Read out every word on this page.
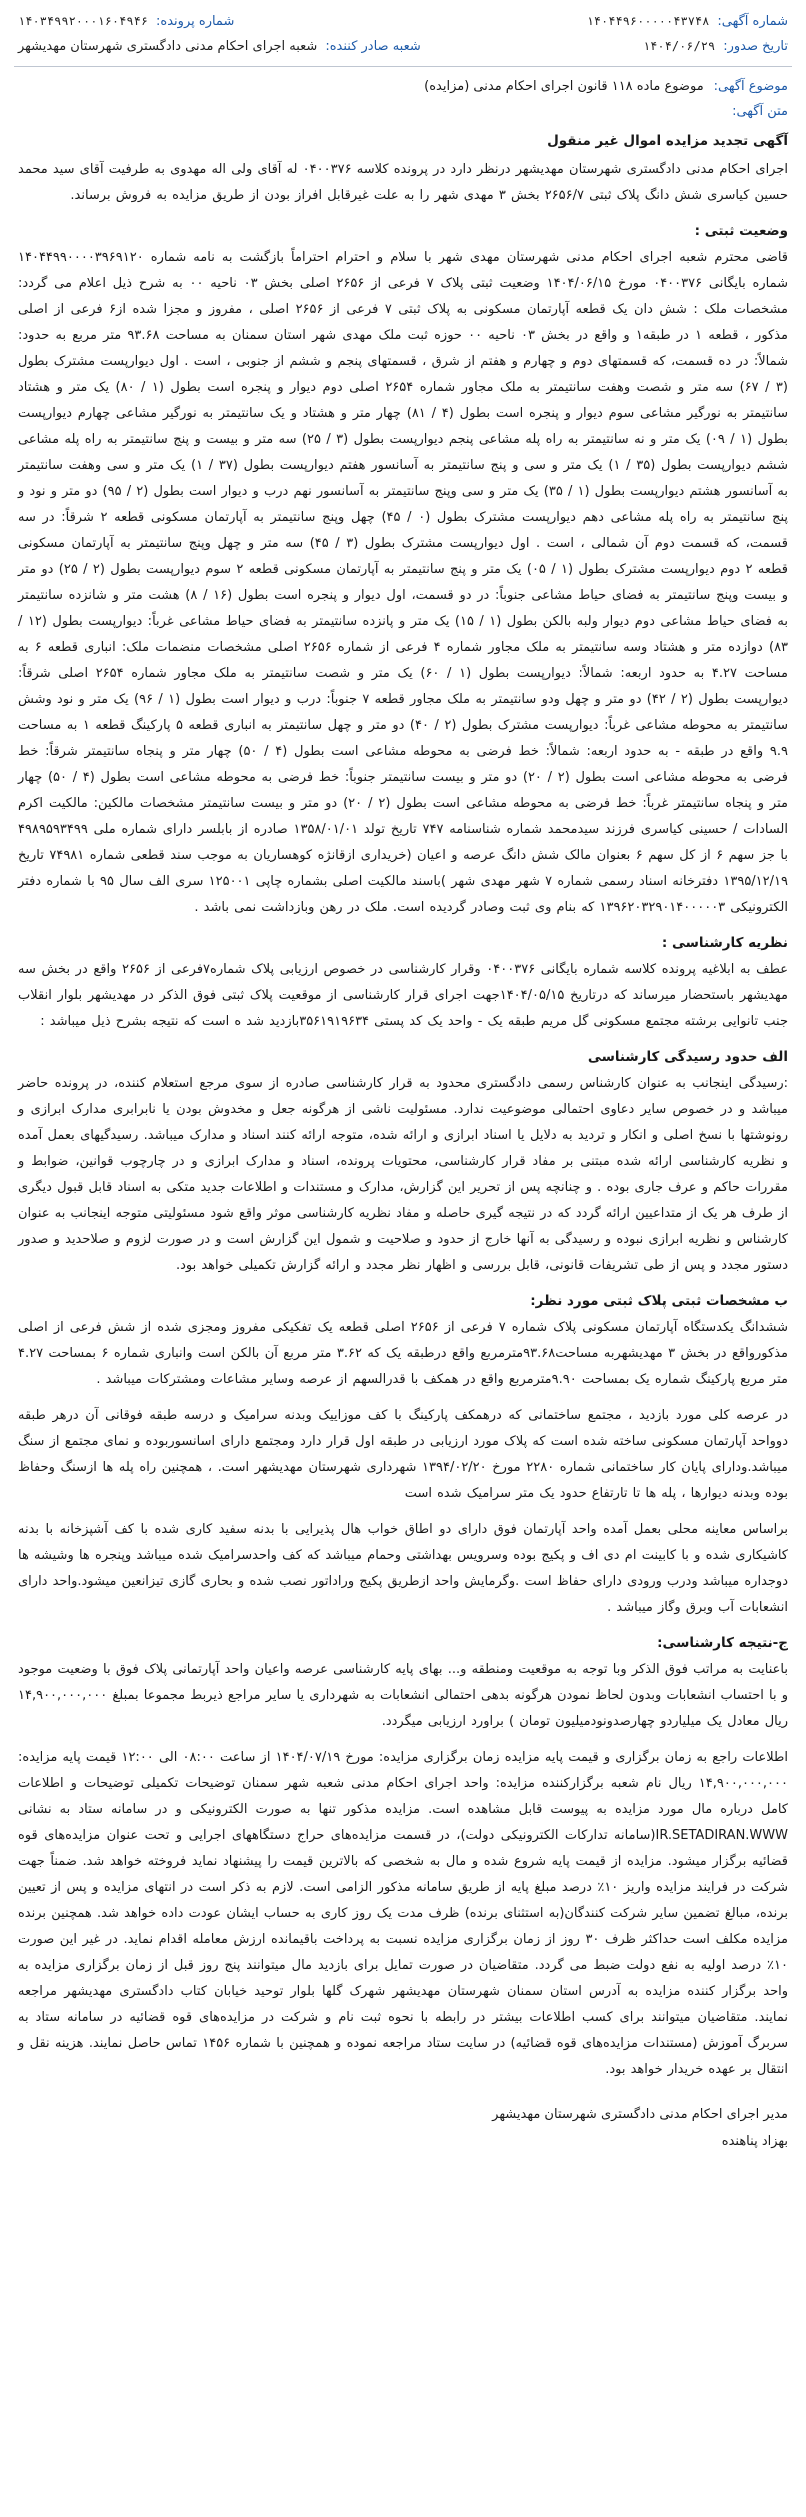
شماره آگهی:
۱۴۰۴۴۹۶۰۰۰۰۰۴۳۷۴۸
شماره پرونده:
۱۴۰۳۴۹۹۲۰۰۰۱۶۰۴۹۴۶
تاریخ صدور:
۱۴۰۴/۰۶/۲۹
شعبه صادر کننده:
شعبه اجرای احکام مدنی دادگستری شهرستان مهدیشهر
موضوع آگهی:
موضوع ماده ۱۱۸ قانون اجرای احکام مدنی (مزایده)
متن آگهی:
آگهی تجدید مزایده اموال غیر منقول

اجرای احکام مدنی دادگستری شهرستان مهدیشهر درنظر دارد در پرونده کلاسه ۰۴۰۰۳۷۶ له آقای ولی اله مهدوی به طرفیت آقای سید محمد حسین کیاسری شش دانگ پلاک ثبتی ۲۶۵۶/۷ بخش ۳ مهدی شهر را به علت غیرقابل افراز بودن از طریق مزایده به فروش برساند.

وضعیت ثبتی :

قاضی محترم شعبه اجرای احکام مدنی شهرستان مهدی شهر با سلام و احترام احتراماً بازگشت به نامه شماره ۱۴۰۴۴۹۹۰۰۰۰۳۹۶۹۱۲۰ شماره بایگانی ۰۴۰۰۳۷۶ مورخ ۱۴۰۴/۰۶/۱۵ وضعیت ثبتی پلاک ۷ فرعی از ۲۶۵۶ اصلی بخش ۰۳ ناحیه ۰۰ به شرح ذیل اعلام می گردد: مشخصات ملک : شش دان یک قطعه آپارتمان مسکونی به پلاک ثبتی ۷ فرعی از ۲۶۵۶ اصلی ، مفروز و مجزا شده از۶ فرعی از اصلی مذکور ، قطعه ۱ در طبقه۱ و واقع در بخش ۰۳ ناحیه ۰۰ حوزه ثبت ملک مهدی شهر استان سمنان به مساحت ۹۳.۶۸ متر مربع به حدود: شمالاً: در ده قسمت، که قسمتهای دوم و چهارم و هفتم از شرق ، قسمتهای پنجم و ششم از جنوبی ، است . اول دیوارپست مشترک بطول (۳ / ۶۷) سه متر و شصت وهفت سانتیمتر به ملک مجاور شماره ۲۶۵۴ اصلی دوم دیوار و پنجره است بطول (۱ / ۸۰) یک متر و هشتاد سانتیمتر به نورگیر مشاعی سوم دیوار و پنجره است بطول (۴ / ۸۱) چهار متر و هشتاد و یک سانتیمتر به نورگیر مشاعی چهارم دیوارپست بطول (۱ / ۰۹) یک متر و نه سانتیمتر به راه پله مشاعی پنجم دیوارپست بطول (۳ / ۲۵) سه متر و بیست و پنج سانتیمتر به راه پله مشاعی ششم دیوارپست بطول (۳۵ / ۱) یک متر و سی و پنج سانتیمتر به آسانسور هفتم دیوارپست بطول (۳۷ / ۱) یک متر و سی وهفت سانتیمتر به آسانسور هشتم دیوارپست بطول (۱ / ۳۵) یک متر و سی وپنج سانتیمتر به آسانسور نهم درب و دیوار است بطول (۲ / ۹۵) دو متر و نود و پنج سانتیمتر به راه پله مشاعی دهم دیوارپست مشترک بطول (۰ / ۴۵) چهل وپنج سانتیمتر به آپارتمان مسکونی قطعه ۲ شرقاً: در سه قسمت، که قسمت دوم آن شمالی ، است . اول دیوارپست مشترک بطول (۳ / ۴۵) سه متر و چهل وپنج سانتیمتر به آپارتمان مسکونی قطعه ۲ دوم دیوارپست مشترک بطول (۱ / ۰۵) یک متر و پنج سانتیمتر به آپارتمان مسکونی قطعه ۲ سوم دیوارپست بطول (۲ / ۲۵) دو متر و بیست وپنج سانتیمتر به فضای حیاط مشاعی جنوباً: در دو قسمت، اول دیوار و پنجره است بطول (۱۶ / ۸) هشت متر و شانزده سانتیمتر به فضای حیاط مشاعی دوم دیوار ولبه بالکن بطول (۱ / ۱۵) یک متر و پانزده سانتیمتر به فضای حیاط مشاعی غرباً: دیوارپست بطول (۱۲ / ۸۳) دوازده متر و هشتاد وسه سانتیمتر به ملک مجاور شماره ۴ فرعی از شماره ۲۶۵۶ اصلی مشخصات منضمات ملک: انباری قطعه ۶ به مساحت ۴.۲۷ به حدود اربعه: شمالاً: دیوارپست بطول (۱ / ۶۰) یک متر و شصت سانتیمتر به ملک مجاور شماره ۲۶۵۴ اصلی شرقاً: دیوارپست بطول (۲ / ۴۲) دو متر و چهل ودو سانتیمتر به ملک مجاور قطعه ۷ جنوباً: درب و دیوار است بطول (۱ / ۹۶) یک متر و نود وشش سانتیمتر به محوطه مشاعی غرباً: دیوارپست مشترک بطول (۲ / ۴۰) دو متر و چهل سانتیمتر به انباری قطعه ۵ پارکینگ قطعه ۱ به مساحت ۹.۹ واقع در طبقه - به حدود اربعه: شمالاً: خط فرضی به محوطه مشاعی است بطول (۴ / ۵۰) چهار متر و پنجاه سانتیمتر شرقاً: خط فرضی به محوطه مشاعی است بطول (۲ / ۲۰) دو متر و بیست سانتیمتر جنوباً: خط فرضی به محوطه مشاعی است بطول (۴ / ۵۰) چهار متر و پنجاه سانتیمتر غرباً: خط فرضی به محوطه مشاعی است بطول (۲ / ۲۰) دو متر و بیست سانتیمتر مشخصات مالکین: مالکیت اکرم السادات / حسینی کیاسری فرزند سیدمحمد شماره شناسنامه ۷۴۷ تاریخ تولد ۱۳۵۸/۰۱/۰۱ صادره از بابلسر دارای شماره ملی ۴۹۸۹۵۹۳۴۹۹ با جز سهم ۶ از کل سهم ۶ بعنوان مالک شش دانگ عرصه و اعیان (خریداری ازقانژه کوهساریان به موجب سند قطعی شماره ۷۴۹۸۱ تاریخ ۱۳۹۵/۱۲/۱۹ دفترخانه اسناد رسمی شماره ۷ شهر مهدی شهر )باسند مالکیت اصلی بشماره چاپی ۱۲۵۰۰۱ سری الف سال ۹۵ با شماره دفتر الکترونیکی ۱۳۹۶۲۰۳۲۹۰۱۴۰۰۰۰۰۳ که بنام وی ثبت وصادر گردیده است. ملک در رهن وبازداشت نمی باشد .

نظریه کارشناسی :

عطف به ابلاغیه پرونده کلاسه شماره بایگانی ۰۴۰۰۳۷۶ وقرار کارشناسی در خصوص ارزیابی پلاک شماره۷فرعی از ۲۶۵۶ واقع در بخش سه مهدیشهر باستحضار میرساند که درتاریخ ۱۴۰۴/۰۵/۱۵جهت اجرای قرار کارشناسی از موقعیت پلاک ثبتی فوق الذکر در مهدیشهر بلوار انقلاب جنب تانوایی برشته مجتمع مسکونی گل مریم طبقه یک - واحد یک کد پستی ۳۵۶۱۹۱۹۶۳۴بازدید شد ه است که نتیجه بشرح ذیل میباشد :

الف حدود رسیدگی کارشناسی

:رسیدگی اینجانب به عنوان کارشناس رسمی دادگستری محدود به قرار کارشناسی صادره از سوی مرجع استعلام کننده، در پرونده حاضر میباشد و در خصوص سایر دعاوی احتمالی موضوعیت ندارد. مسئولیت ناشی از هرگونه جعل و مخدوش بودن یا نابرابری مدارک ابرازی و رونوشتها با نسخ اصلی و انکار و تردید به دلایل یا اسناد ابرازی و ارائه شده، متوجه ارائه کنند اسناد و مدارک میباشد. رسیدگیهای بعمل آمده و نظریه کارشناسی ارائه شده مبتنی بر مفاد قرار کارشناسی، محتویات پرونده، اسناد و مدارک ابرازی و در چارچوب قوانین، ضوابط و مقررات حاکم و عرف جاری بوده . و چنانچه پس از تحریر این گزارش، مدارک و مستندات و اطلاعات جدید متکی به اسناد قابل قبول دیگری از طرف هر یک از متداعیین ارائه گردد که در نتیجه گیری حاصله و مفاد نظریه کارشناسی موثر واقع شود مسئولیتی متوجه اینجانب به عنوان کارشناس و نظریه ابرازی نبوده و رسیدگی به آنها خارج از حدود و صلاحیت و شمول این گزارش است و در صورت لزوم و صلاحدید و صدور دستور مجدد و پس از طی تشریفات قانونی، قابل بررسی و اظهار نظر مجدد و ارائه گزارش تکمیلی خواهد بود.

ب مشخصات ثبتی پلاک ثبتی مورد نظر:

ششدانگ یکدستگاه آپارتمان مسکونی پلاک شماره ۷ فرعی از ۲۶۵۶ اصلی قطعه یک تفکیکی مفروز ومجزی شده از شش فرعی از اصلی مذکورواقع در بخش ۳ مهدیشهربه مساحت۹۳.۶۸مترمربع واقع درطبقه یک که ۳.۶۲ متر مربع آن بالکن است وانباری شماره ۶ بمساحت ۴.۲۷ متر مربع پارکینگ شماره یک بمساحت ۹.۹۰مترمربع واقع در همکف با قدرالسهم از عرصه وسایر مشاعات ومشترکات میباشد .

در عرصه کلی مورد بازدید ، مجتمع ساختمانی که درهمکف پارکینگ با کف موزاییک وبدنه سرامیک و درسه طبقه فوقانی آن درهر طبقه دوواحد آپارتمان مسکونی ساخته شده است که پلاک مورد ارزیابی در طبقه اول قرار دارد ومجتمع دارای اسانسوربوده و نمای مجتمع از سنگ میباشد.ودارای پایان کار ساختمانی شماره ۲۲۸۰ مورخ ۱۳۹۴/۰۲/۲۰ شهرداری شهرستان مهدیشهر است. ، همچنین راه پله ها ازسنگ وحفاظ بوده وبدنه دیوارها ، پله ها تا تارتفاع حدود یک متر سرامیک شده است

براساس معاینه محلی بعمل آمده واحد آپارتمان فوق دارای دو اطاق خواب هال پذیرایی با بدنه سفید کاری شده با کف آشپزخانه با بدنه کاشیکاری شده و با کابینت ام دی اف و پکیج بوده وسرویس بهداشتی وحمام میباشد که کف واحدسرامیک شده میباشد وپنجره ها وشیشه ها دوجداره میباشد ودرب ورودی دارای حفاظ است .وگرمایش واحد ازطریق پکیج وراداتور نصب شده و بحاری گازی تیزانعین میشود.واحد دارای انشعابات آب وبرق وگاز میباشد .

ج-نتیجه کارشناسی:

باعنایت به مراتب فوق الذکر وبا توجه به موقعیت ومنطقه و... بهای پایه کارشناسی عرصه واعیان واحد آپارتمانی پلاک فوق با وضعیت موجود و با احتساب انشعابات وبدون لحاظ نمودن هرگونه بدهی احتمالی انشعابات به شهرداری یا سایر مراجع ذیربط مجموعا بمبلغ ۱۴,۹۰۰,۰۰۰,۰۰۰ ریال معادل یک میلیاردو چهارصدونودمیلیون تومان ) براورد ارزیابی میگردد.

اطلاعات راجع به زمان برگزاری و قیمت پایه مزایده زمان برگزاری مزایده: مورخ ۱۴۰۴/۰۷/۱۹ از ساعت ۰۸:۰۰ الی ۱۲:۰۰ قیمت پایه مزایده: ۱۴,۹۰۰,۰۰۰,۰۰۰ ریال نام شعبه برگزارکننده مزایده: واحد اجرای احکام مدنی شعبه شهر سمنان توضیحات تکمیلی توضیحات و اطلاعات کامل درباره مال مورد مزایده به پیوست قابل مشاهده است. مزایده مذکور تنها به صورت الکترونیکی و در سامانه ستاد به نشانی IR.SETADIRAN.WWW(سامانه تدارکات الکترونیکی دولت)، در قسمت مزایده‌های حراج دستگاههای اجرایی و تحت عنوان مزایده‌های قوه قضائیه برگزار میشود. مزایده از قیمت پایه شروع شده و مال به شخصی که بالاترین قیمت را پیشنهاد نماید فروخته خواهد شد. ضمناً جهت شرکت در فرایند مزایده واریز ۱۰٪ درصد مبلغ پایه از طریق سامانه مذکور الزامی است. لازم به ذکر است در انتهای مزایده و پس از تعیین برنده، مبالغ تضمین سایر شرکت کنندگان(به استثنای برنده) ظرف مدت یک روز کاری به حساب ایشان عودت داده خواهد شد. همچنین برنده مزایده مکلف است حداکثر ظرف ۳۰ روز از زمان برگزاری مزایده نسبت به پرداخت باقیمانده ارزش معامله اقدام نماید. در غیر این صورت ۱۰٪ درصد اولیه به نفع دولت ضبط می گردد. متقاضیان در صورت تمایل برای بازدید مال میتوانند پنج روز قبل از زمان برگزاری مزایده به واحد برگزار کننده مزایده به آدرس استان سمنان شهرستان مهدیشهر شهرک گلها بلوار توحید خیابان کتاب دادگستری مهدیشهر مراجعه نمایند. متقاضیان میتوانند برای کسب اطلاعات بیشتر در رابطه با نحوه ثبت نام و شرکت در مزایده‌های قوه قضائیه در سامانه ستاد به سربرگ آموزش (مستندات مزایده‌های قوه قضائیه) در سایت ستاد مراجعه نموده و همچنین با شماره ۱۴۵۶ تماس حاصل نمایند. هزینه نقل و انتقال بر عهده خریدار خواهد بود.

مدیر اجرای احکام مدنی دادگستری شهرستان مهدیشهر
بهزاد پناهنده
